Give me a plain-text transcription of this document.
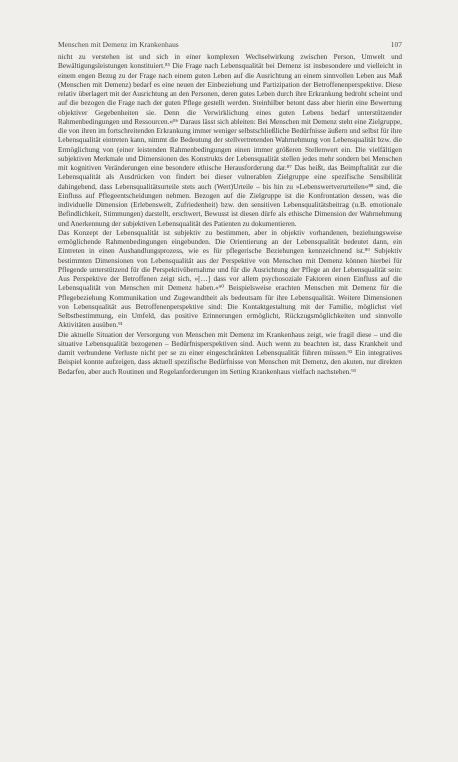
Menschen mit Demenz im Krankenhaus	107

nicht zu verstehen ist und sich in einer komplexen Wechselwirkung zwischen Person, Umwelt und Bewältigungsleistungen konstituiert.⁸⁵ Die Frage nach Lebensqualität bei Demenz ist insbesondere und vielleicht in einem engen Bezug zu der Frage nach einem guten Leben auf die Ausrichtung an einem sinnvollen Leben aus Maß (Menschen mit Demenz) bedarf es eine neuen der Einbeziehung und Partizipation der Betroffenenperspektive. Diese relativ überlagert mit der Ausrichtung an den Personen, deren gutes Leben durch ihre Erkrankung bedroht scheint und auf die bezogen die Frage nach der guten Pflege gestellt werden. Steinhilber betont dass aber hierin eine Bewertung objektiver Gegebenheiten sie. Denn die Verwirklichung eines guten Lebens bedarf unterstützender Rahmenbedingungen und Ressourcen.«⁸⁶ Daraus lässt sich ableiten: Bei Menschen mit Demenz steht eine Zielgruppe, die von ihren im fortschreitenden Erkrankung immer weniger selbstschließliche Bedürfnisse äußern und selbst für ihre Lebensqualität eintreten kann, nimmt die Bedeutung der stellvertretenden Wahrnehmung von Lebensqualität bzw. die Ermöglichung von (einer leistenden Rahmenbedingungen einen immer größeren Stellenwert ein. Die vielfältigen subjektiven Merkmale und Dimensionen des Konstrukts der Lebensqualität stellen jedes mehr sondern bei Menschen mit kognitiven Veränderungen eine besondere ethische Herausforderung dar.⁸⁷ Das heißt, das Beimpftalität zur die Lebensqualität als Ausdrücken von findert bei dieser vulnerablen Zielgruppe eine spezifische Sensibilität dahingehend, dass Lebensqualitätsurteile stets auch (Wert)Urteile – bis hin zu »Lebenswertverurteilen«⁸⁸ sind, die Einfluss auf Pflegeentscheidungen nehmen. Bezogen auf die Zielgruppe ist die Konfrontation dessen, was die individuelle Dimension (Erlebenswelt, Zufriedenheit) bzw. den sensitiven Lebensqualitätsbeitrag (u.B. emotionale Befindlichkeit, Stimmungen) darstellt, erschwert, Bewusst ist diesen dürfe als ethische Dimension der Wahrnehmung und Anerkennung der subjektiven Lebensqualität des Patienten zu dokumentieren.

Das Konzept der Lebensqualität ist subjektiv zu bestimmen, aber in objektiv vorhandenen, beziehungsweise ermöglichende Rahmenbedingungen eingebunden. Die Orientierung an der Lebensqualität bedeutet dann, ein Eintreten in einen Aushandlungsprozess, wie es für pflegerische Beziehungen kennzeichnend ist.⁸⁹ Subjektiv bestimmten Dimensionen von Lebensqualität aus der Perspektive von Menschen mit Demenz können hierbei für Pflegende unterstützend für die Perspektivübernahme und für die Ausrichtung der Pflege an der Lebensqualität sein: Aus Perspektive der Betroffenen zeigt sich, »[…] dass vor allem psychosoziale Faktoren einen Einfluss auf die Lebensqualität von Menschen mit Demenz haben.«⁹⁰ Beispielsweise erachten Menschen mit Demenz für die Pflegebeziehung Kommunikation und Zugewandtheit als bedeutsam für ihre Lebensqualität. Weitere Dimensionen von Lebensqualität aus Betroffenenperspektive sind: Die Kontaktgestaltung mit der Familie, möglichst viel Selbstbestimmung, ein Umfeld, das positive Erinnerungen ermöglicht, Rückzugsmöglichkeiten und sinnvolle Aktivitäten ausüben.⁹¹

Die aktuelle Situation der Versorgung von Menschen mit Demenz im Krankenhaus zeigt, wie fragil diese – und die situative Lebensqualität bezogenen – Bedürfnisperspektiven sind. Auch wenn zu beachten ist, dass Krankheit und damit verbundene Verluste nicht per se zu einer eingeschränkten Lebensqualität führen müssen.⁹² Ein integratives Beispiel konnte aufzeigen, dass aktuell spezifische Bedürfnisse von Menschen mit Demenz, den akuten, nur direkten Bedarfen, aber auch Routinen und Regelanforderungen im Setting Krankenhaus vielfach nachstehen.⁹³
